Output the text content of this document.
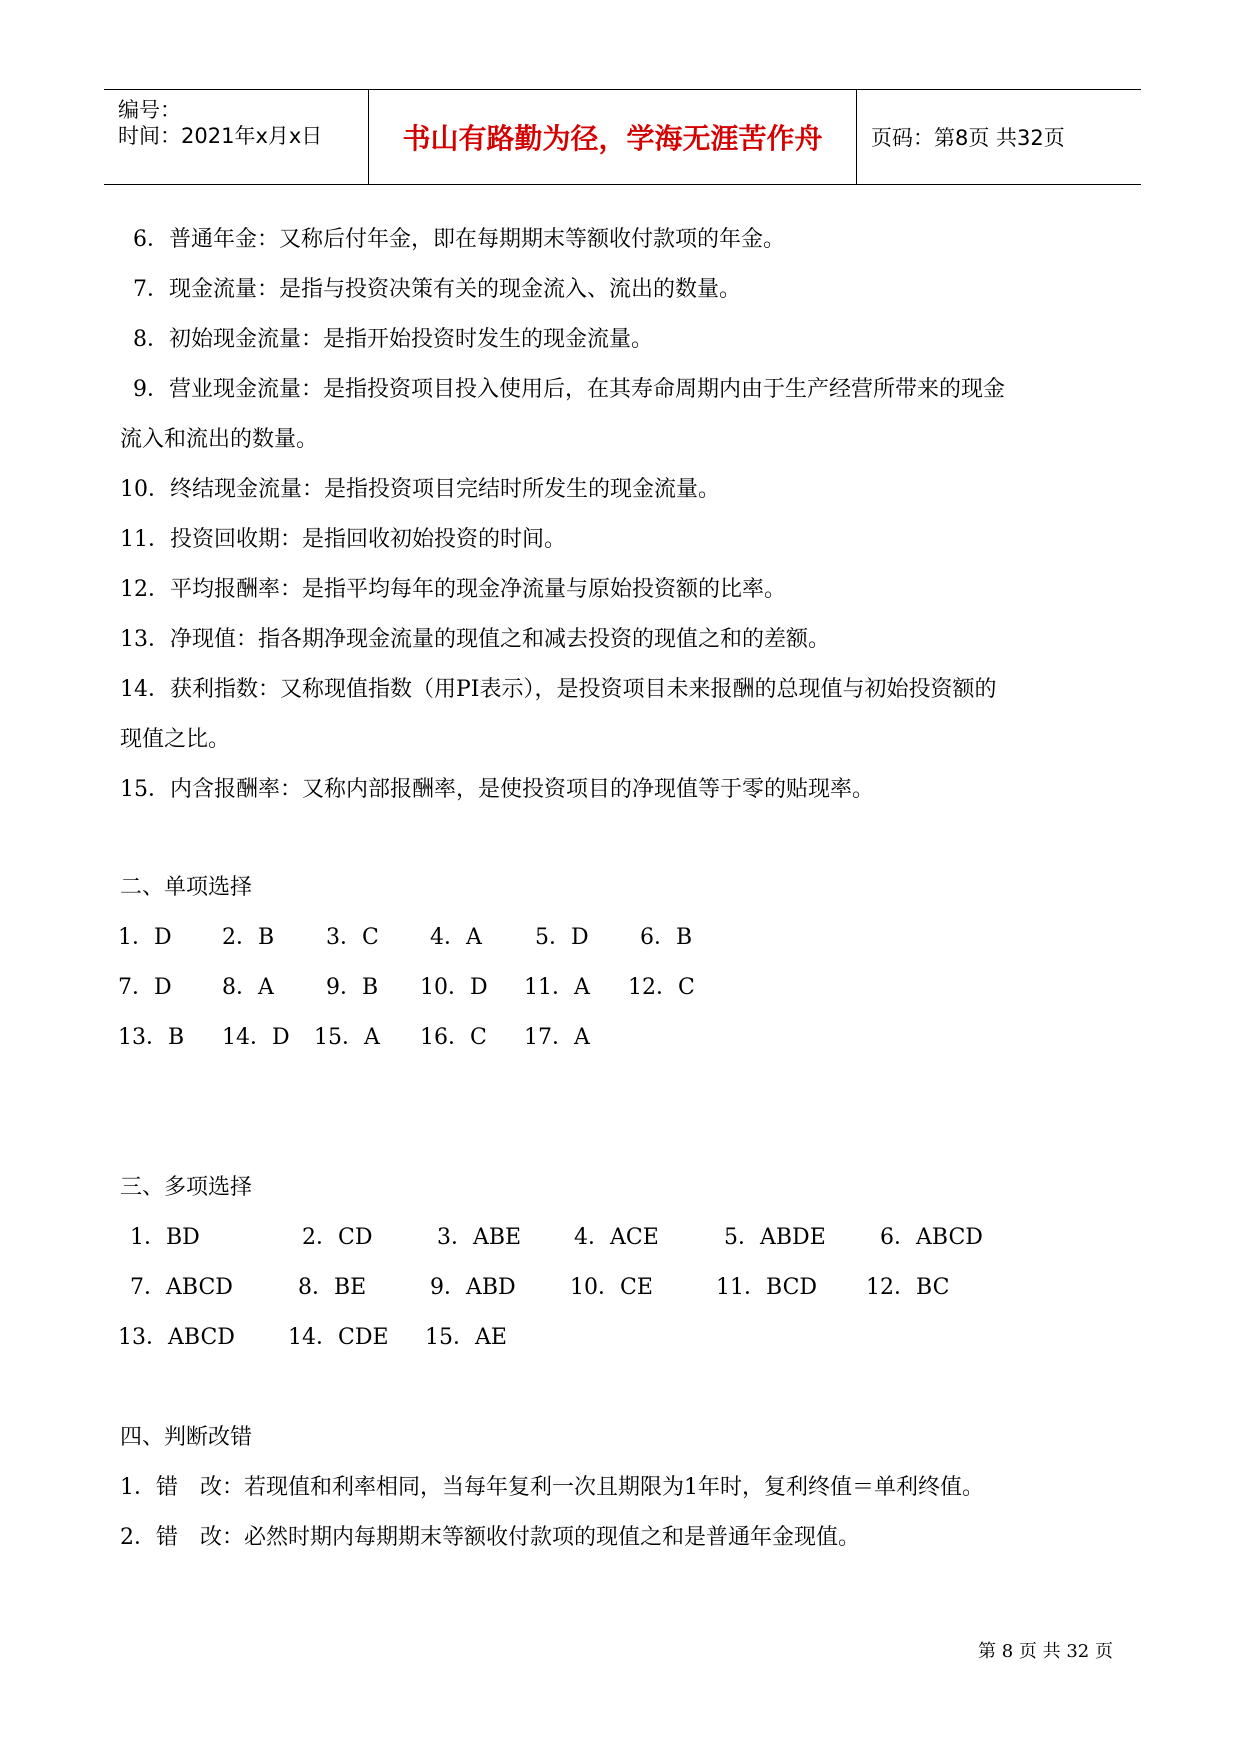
编号：
时间：2021年x月x日	书山有路勤为径，学海无涯苦作舟	页码：第8页 共32页
6．普通年金：又称后付年金，即在每期期末等额收付款项的年金。
7．现金流量：是指与投资决策有关的现金流入、流出的数量。
8．初始现金流量：是指开始投资时发生的现金流量。
9．营业现金流量：是指投资项目投入使用后，在其寿命周期内由于生产经营所带来的现金
流入和流出的数量。
10．终结现金流量：是指投资项目完结时所发生的现金流量。
11．投资回收期：是指回收初始投资的时间。
12．平均报酬率：是指平均每年的现金净流量与原始投资额的比率。
13．净现值：指各期净现金流量的现值之和减去投资的现值之和的差额。
14．获利指数：又称现值指数（用PI表示），是投资项目未来报酬的总现值与初始投资额的
现值之比。
15．内含报酬率：又称内部报酬率，是使投资项目的净现值等于零的贴现率。
二、单项选择
1．D 2．B 3．C 4．A 5．D 6．B
7．D 8．A 9．B 10．D 11．A 12．C
13．B 14．D 15．A 16．C 17．A
三、多项选择
1．BD	2．CD	3．ABE 4．ACE	5．ABDE 6．ABCD
7．ABCD	8．BE	9．ABD 10．CE	11．BCD 12．BC
13．ABCD 14．CDE 15．AE
四、判断改错
1．错　改：若现值和利率相同，当每年复利一次且期限为1年时，复利终值＝单利终值。
2．错　改：必然时期内每期期末等额收付款项的现值之和是普通年金现值。
第 8 页 共 32 页
